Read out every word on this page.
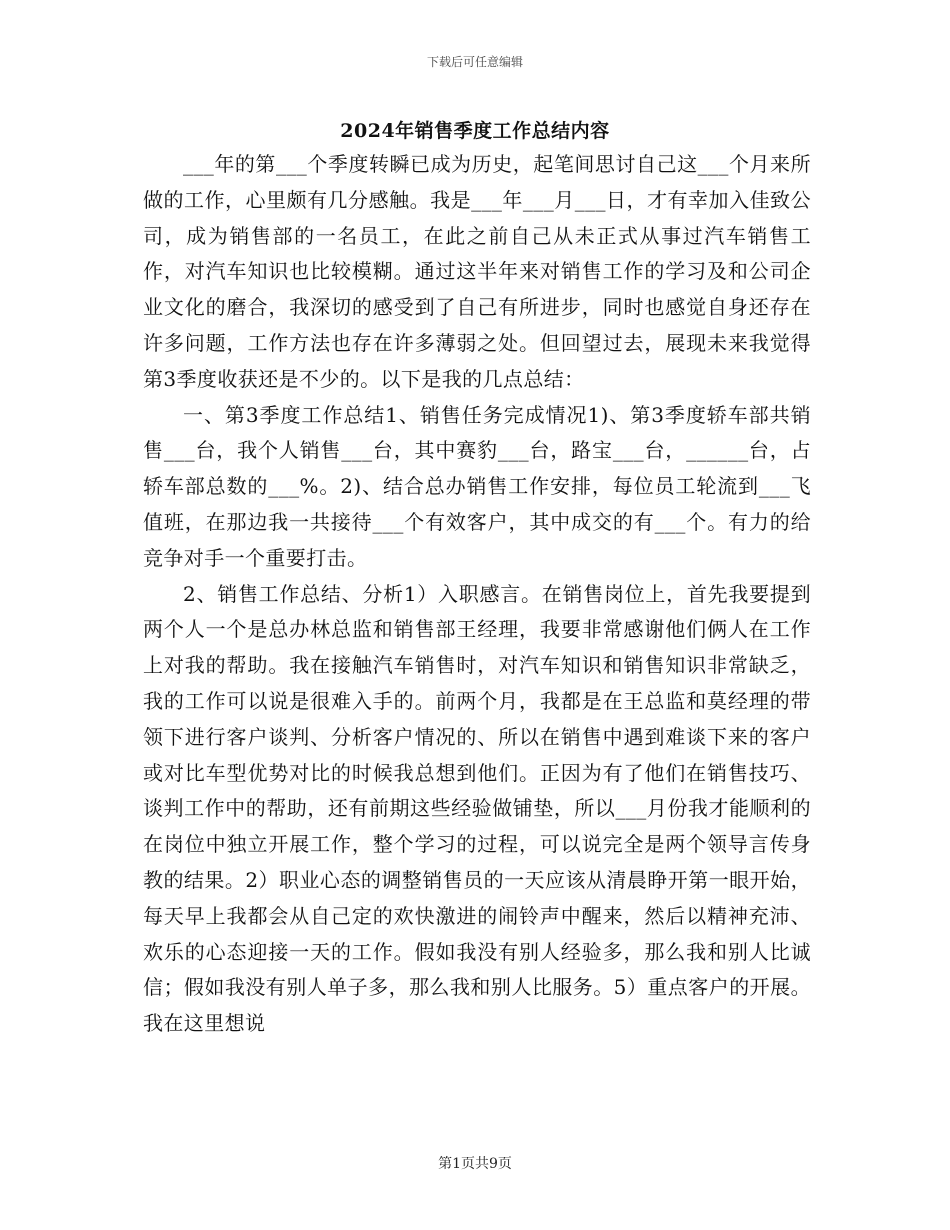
下载后可任意编辑
2024年销售季度工作总结内容

___年的第___个季度转瞬已成为历史，起笔间思讨自己这___个月来所做的工作，心里颇有几分感触。我是___年___月___日，才有幸加入佳致公司，成为销售部的一名员工，在此之前自己从未正式从事过汽车销售工作，对汽车知识也比较模糊。通过这半年来对销售工作的学习及和公司企业文化的磨合，我深切的感受到了自己有所进步，同时也感觉自身还存在许多问题，工作方法也存在许多薄弱之处。但回望过去，展现未来我觉得第3季度收获还是不少的。以下是我的几点总结：

一、第3季度工作总结1、销售任务完成情况1)、第3季度轿车部共销售___台，我个人销售___台，其中赛豹___台，路宝___台，______台，占轿车部总数的___%。2)、结合总办销售工作安排，每位员工轮流到___飞值班，在那边我一共接待___个有效客户，其中成交的有___个。有力的给竞争对手一个重要打击。

2、销售工作总结、分析1）入职感言。在销售岗位上，首先我要提到两个人一个是总办林总监和销售部王经理，我要非常感谢他们俩人在工作上对我的帮助。我在接触汽车销售时，对汽车知识和销售知识非常缺乏，我的工作可以说是很难入手的。前两个月，我都是在王总监和莫经理的带领下进行客户谈判、分析客户情况的、所以在销售中遇到难谈下来的客户或对比车型优势对比的时候我总想到他们。正因为有了他们在销售技巧、谈判工作中的帮助，还有前期这些经验做铺垫，所以___月份我才能顺利的在岗位中独立开展工作，整个学习的过程，可以说完全是两个领导言传身教的结果。2）职业心态的调整销售员的一天应该从清晨睁开第一眼开始，每天早上我都会从自己定的欢快激进的闹铃声中醒来，然后以精神充沛、欢乐的心态迎接一天的工作。假如我没有别人经验多，那么我和别人比诚信；假如我没有别人单子多，那么我和别人比服务。5）重点客户的开展。我在这里想说

第1页共9页
